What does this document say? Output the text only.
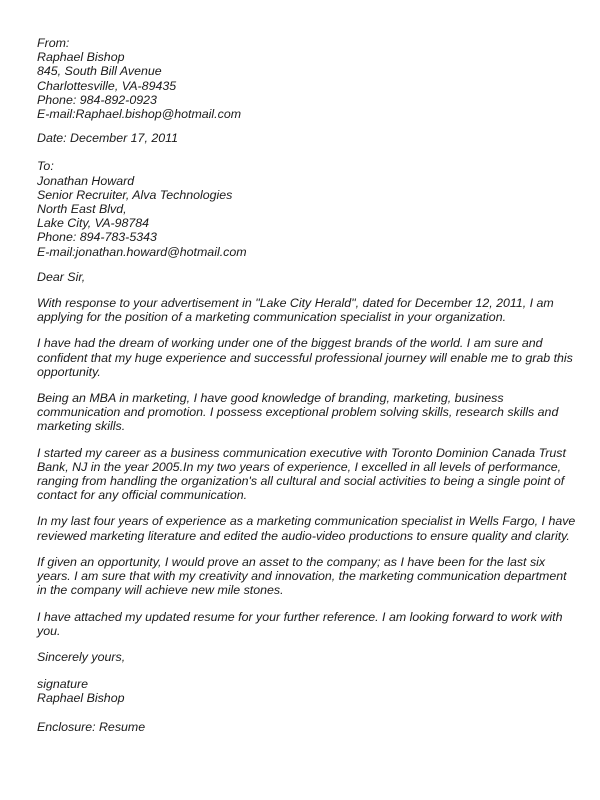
From:
Raphael Bishop
845, South Bill Avenue
Charlottesville, VA-89435
Phone: 984-892-0923
E-mail:Raphael.bishop@hotmail.com
Date: December 17, 2011
To:
Jonathan Howard
Senior Recruiter, Alva Technologies
North East Blvd,
Lake City, VA-98784
Phone: 894-783-5343
E-mail:jonathan.howard@hotmail.com
Dear Sir,
With response to your advertisement in "Lake City Herald", dated for December 12, 2011, I am
applying for the position of a marketing communication specialist in your organization.
I have had the dream of working under one of the biggest brands of the world. I am sure and
confident that my huge experience and successful professional journey will enable me to grab this
opportunity.
Being an MBA in marketing, I have good knowledge of branding, marketing, business
communication and promotion. I possess exceptional problem solving skills, research skills and
marketing skills.
I started my career as a business communication executive with Toronto Dominion Canada Trust
Bank, NJ in the year 2005.In my two years of experience, I excelled in all levels of performance,
ranging from handling the organization's all cultural and social activities to being a single point of
contact for any official communication.
In my last four years of experience as a marketing communication specialist in Wells Fargo, I have
reviewed marketing literature and edited the audio-video productions to ensure quality and clarity.
If given an opportunity, I would prove an asset to the company; as I have been for the last six
years. I am sure that with my creativity and innovation, the marketing communication department
in the company will achieve new mile stones.
I have attached my updated resume for your further reference. I am looking forward to work with
you.
Sincerely yours,
signature
Raphael Bishop
Enclosure: Resume
